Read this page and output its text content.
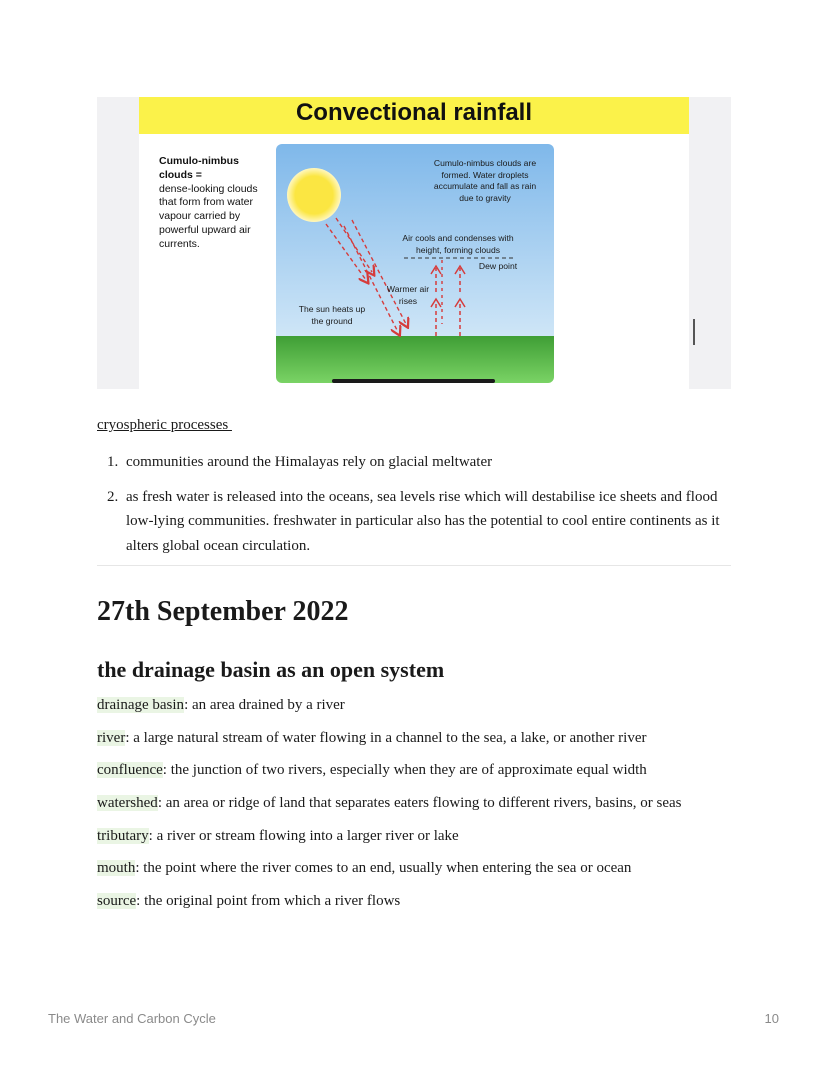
Convectional rainfall
Cumulo-nimbus clouds =
dense-looking clouds that form from water vapour carried by powerful upward air currents.
Cumulo-nimbus clouds are formed. Water droplets accumulate and fall as rain due to gravity
Air cools and condenses with height, forming clouds
Dew point
Warmer air rises
The sun heats up the ground
cryospheric processes
1. communities around the Himalayas rely on glacial meltwater
2. as fresh water is released into the oceans, sea levels rise which will destabilise ice sheets and flood low-lying communities. freshwater in particular also has the potential to cool entire continents as it alters global ocean circulation.
27th September 2022
the drainage basin as an open system
drainage basin: an area drained by a river
river: a large natural stream of water flowing in a channel to the sea, a lake, or another river
confluence: the junction of two rivers, especially when they are of approximate equal width
watershed: an area or ridge of land that separates eaters flowing to different rivers, basins, or seas
tributary: a river or stream flowing into a larger river or lake
mouth: the point where the river comes to an end, usually when entering the sea or ocean
source: the original point from which a river flows
The Water and Carbon Cycle	10
